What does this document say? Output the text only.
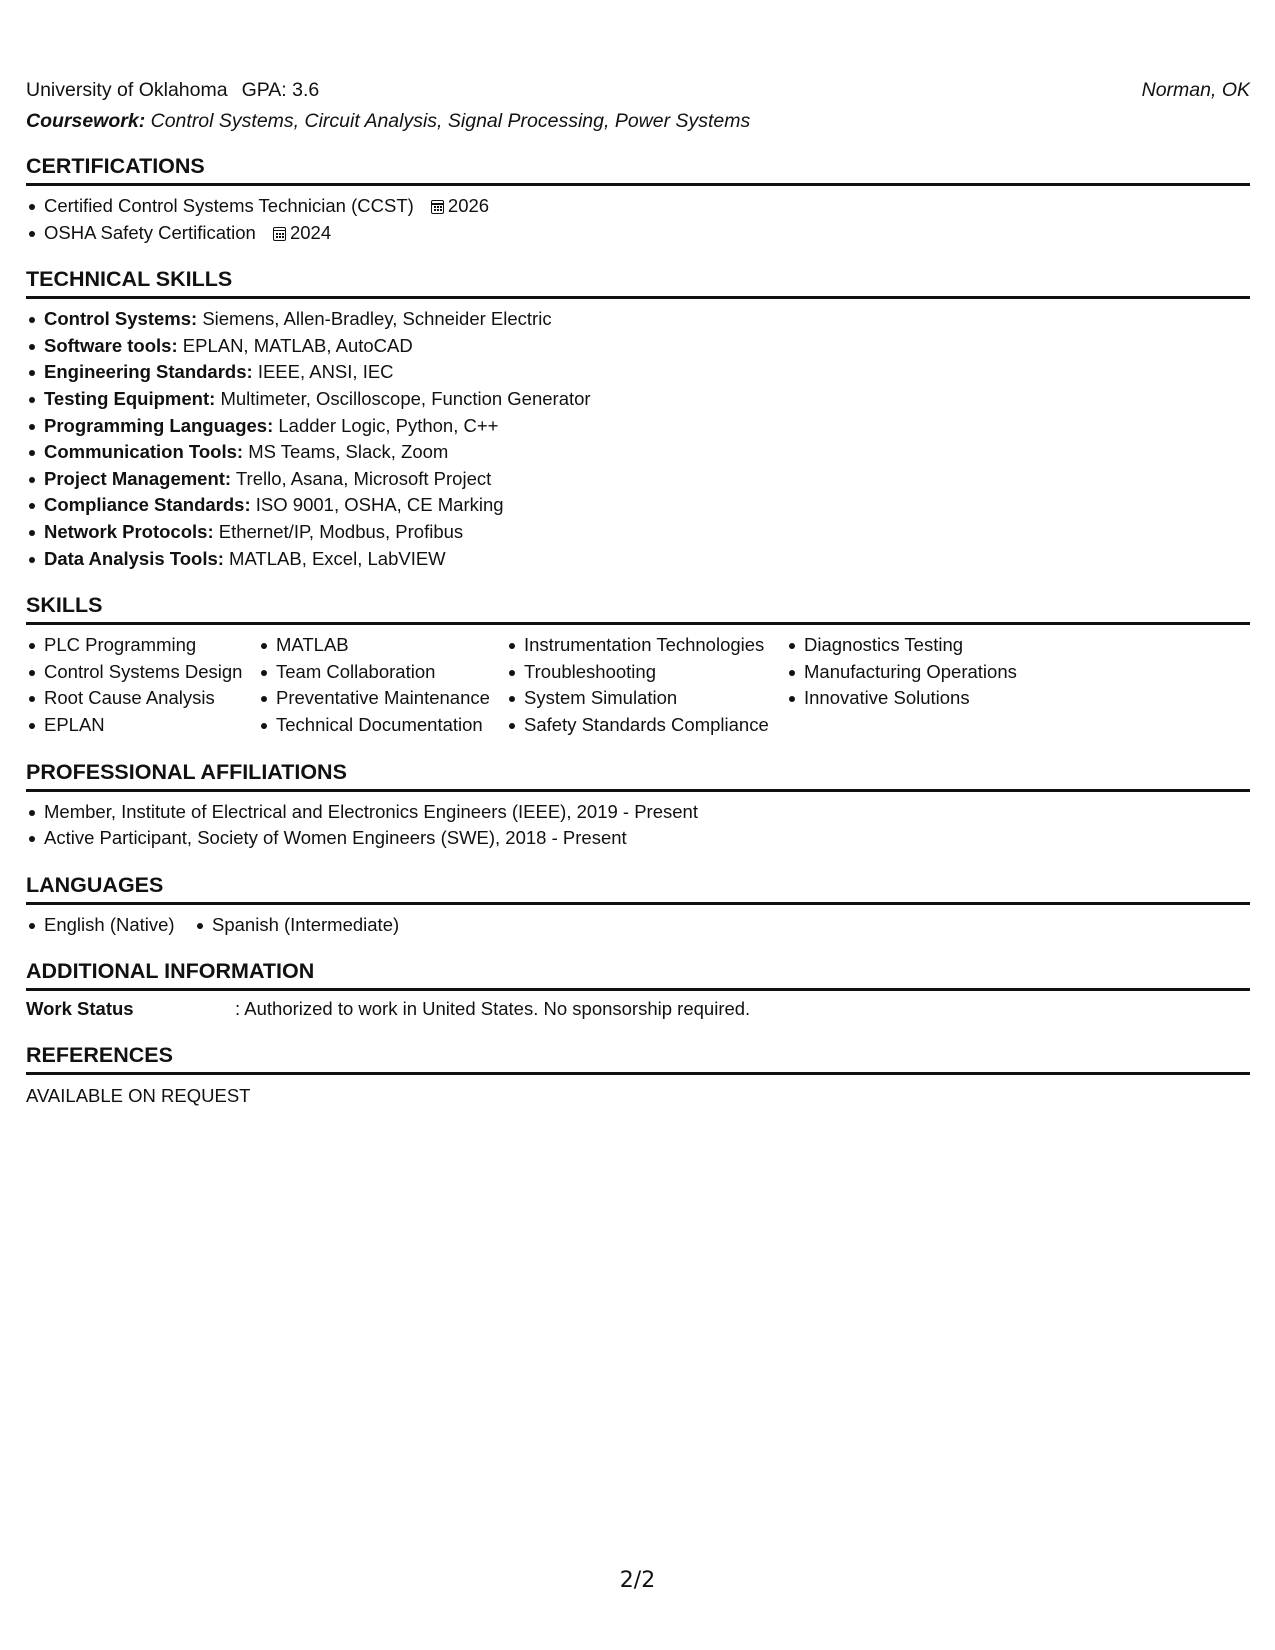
University of Oklahoma GPA: 3.6	Norman, OK
Coursework: Control Systems, Circuit Analysis, Signal Processing, Power Systems
CERTIFICATIONS
Certified Control Systems Technician (CCST) 2026
OSHA Safety Certification 2024
TECHNICAL SKILLS
Control Systems: Siemens, Allen-Bradley, Schneider Electric
Software tools: EPLAN, MATLAB, AutoCAD
Engineering Standards: IEEE, ANSI, IEC
Testing Equipment: Multimeter, Oscilloscope, Function Generator
Programming Languages: Ladder Logic, Python, C++
Communication Tools: MS Teams, Slack, Zoom
Project Management: Trello, Asana, Microsoft Project
Compliance Standards: ISO 9001, OSHA, CE Marking
Network Protocols: Ethernet/IP, Modbus, Profibus
Data Analysis Tools: MATLAB, Excel, LabVIEW
SKILLS
PLC Programming
Control Systems Design
Root Cause Analysis
EPLAN
MATLAB
Team Collaboration
Preventative Maintenance
Technical Documentation
Instrumentation Technologies
Troubleshooting
System Simulation
Safety Standards Compliance
Diagnostics Testing
Manufacturing Operations
Innovative Solutions
PROFESSIONAL AFFILIATIONS
Member, Institute of Electrical and Electronics Engineers (IEEE), 2019 - Present
Active Participant, Society of Women Engineers (SWE), 2018 - Present
LANGUAGES
English (Native)	Spanish (Intermediate)
ADDITIONAL INFORMATION
Work Status	: Authorized to work in United States. No sponsorship required.
REFERENCES
AVAILABLE ON REQUEST
2/2
